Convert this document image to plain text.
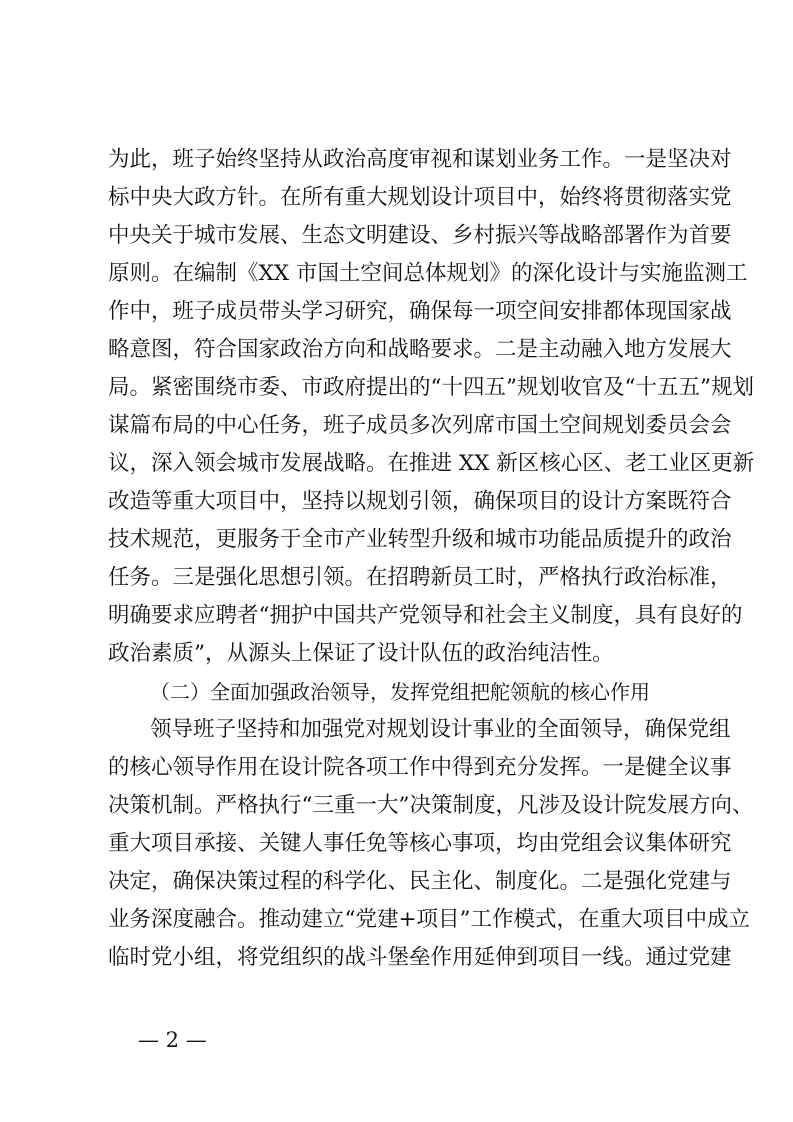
为此，班子始终坚持从政治高度审视和谋划业务工作。一是坚决对
标中央大政方针。在所有重大规划设计项目中，始终将贯彻落实党
中央关于城市发展、生态文明建设、乡村振兴等战略部署作为首要
原则。在编制《XX 市国土空间总体规划》的深化设计与实施监测工
作中，班子成员带头学习研究，确保每一项空间安排都体现国家战
略意图，符合国家政治方向和战略要求。二是主动融入地方发展大
局。紧密围绕市委、市政府提出的“十四五”规划收官及“十五五”规划
谋篇布局的中心任务，班子成员多次列席市国土空间规划委员会会
议，深入领会城市发展战略。在推进 XX 新区核心区、老工业区更新
改造等重大项目中，坚持以规划引领，确保项目的设计方案既符合
技术规范，更服务于全市产业转型升级和城市功能品质提升的政治
任务。三是强化思想引领。在招聘新员工时，严格执行政治标准，
明确要求应聘者“拥护中国共产党领导和社会主义制度，具有良好的
（二）全面加强政治领导，发挥党组把舵领航的核心作用
领导班子坚持和加强党对规划设计事业的全面领导，确保党组
的核心领导作用在设计院各项工作中得到充分发挥。一是健全议事
决策机制。严格执行“三重一大”决策制度，凡涉及设计院发展方向、
重大项目承接、关键人事任免等核心事项，均由党组会议集体研究
决定，确保决策过程的科学化、民主化、制度化。二是强化党建与
业务深度融合。推动建立“党建+项目”工作模式，在重大项目中成立
临时党小组，将党组织的战斗堡垒作用延伸到项目一线。通过党建
— 2 —
政治素质”，从源头上保证了设计队伍的政治纯洁性。
